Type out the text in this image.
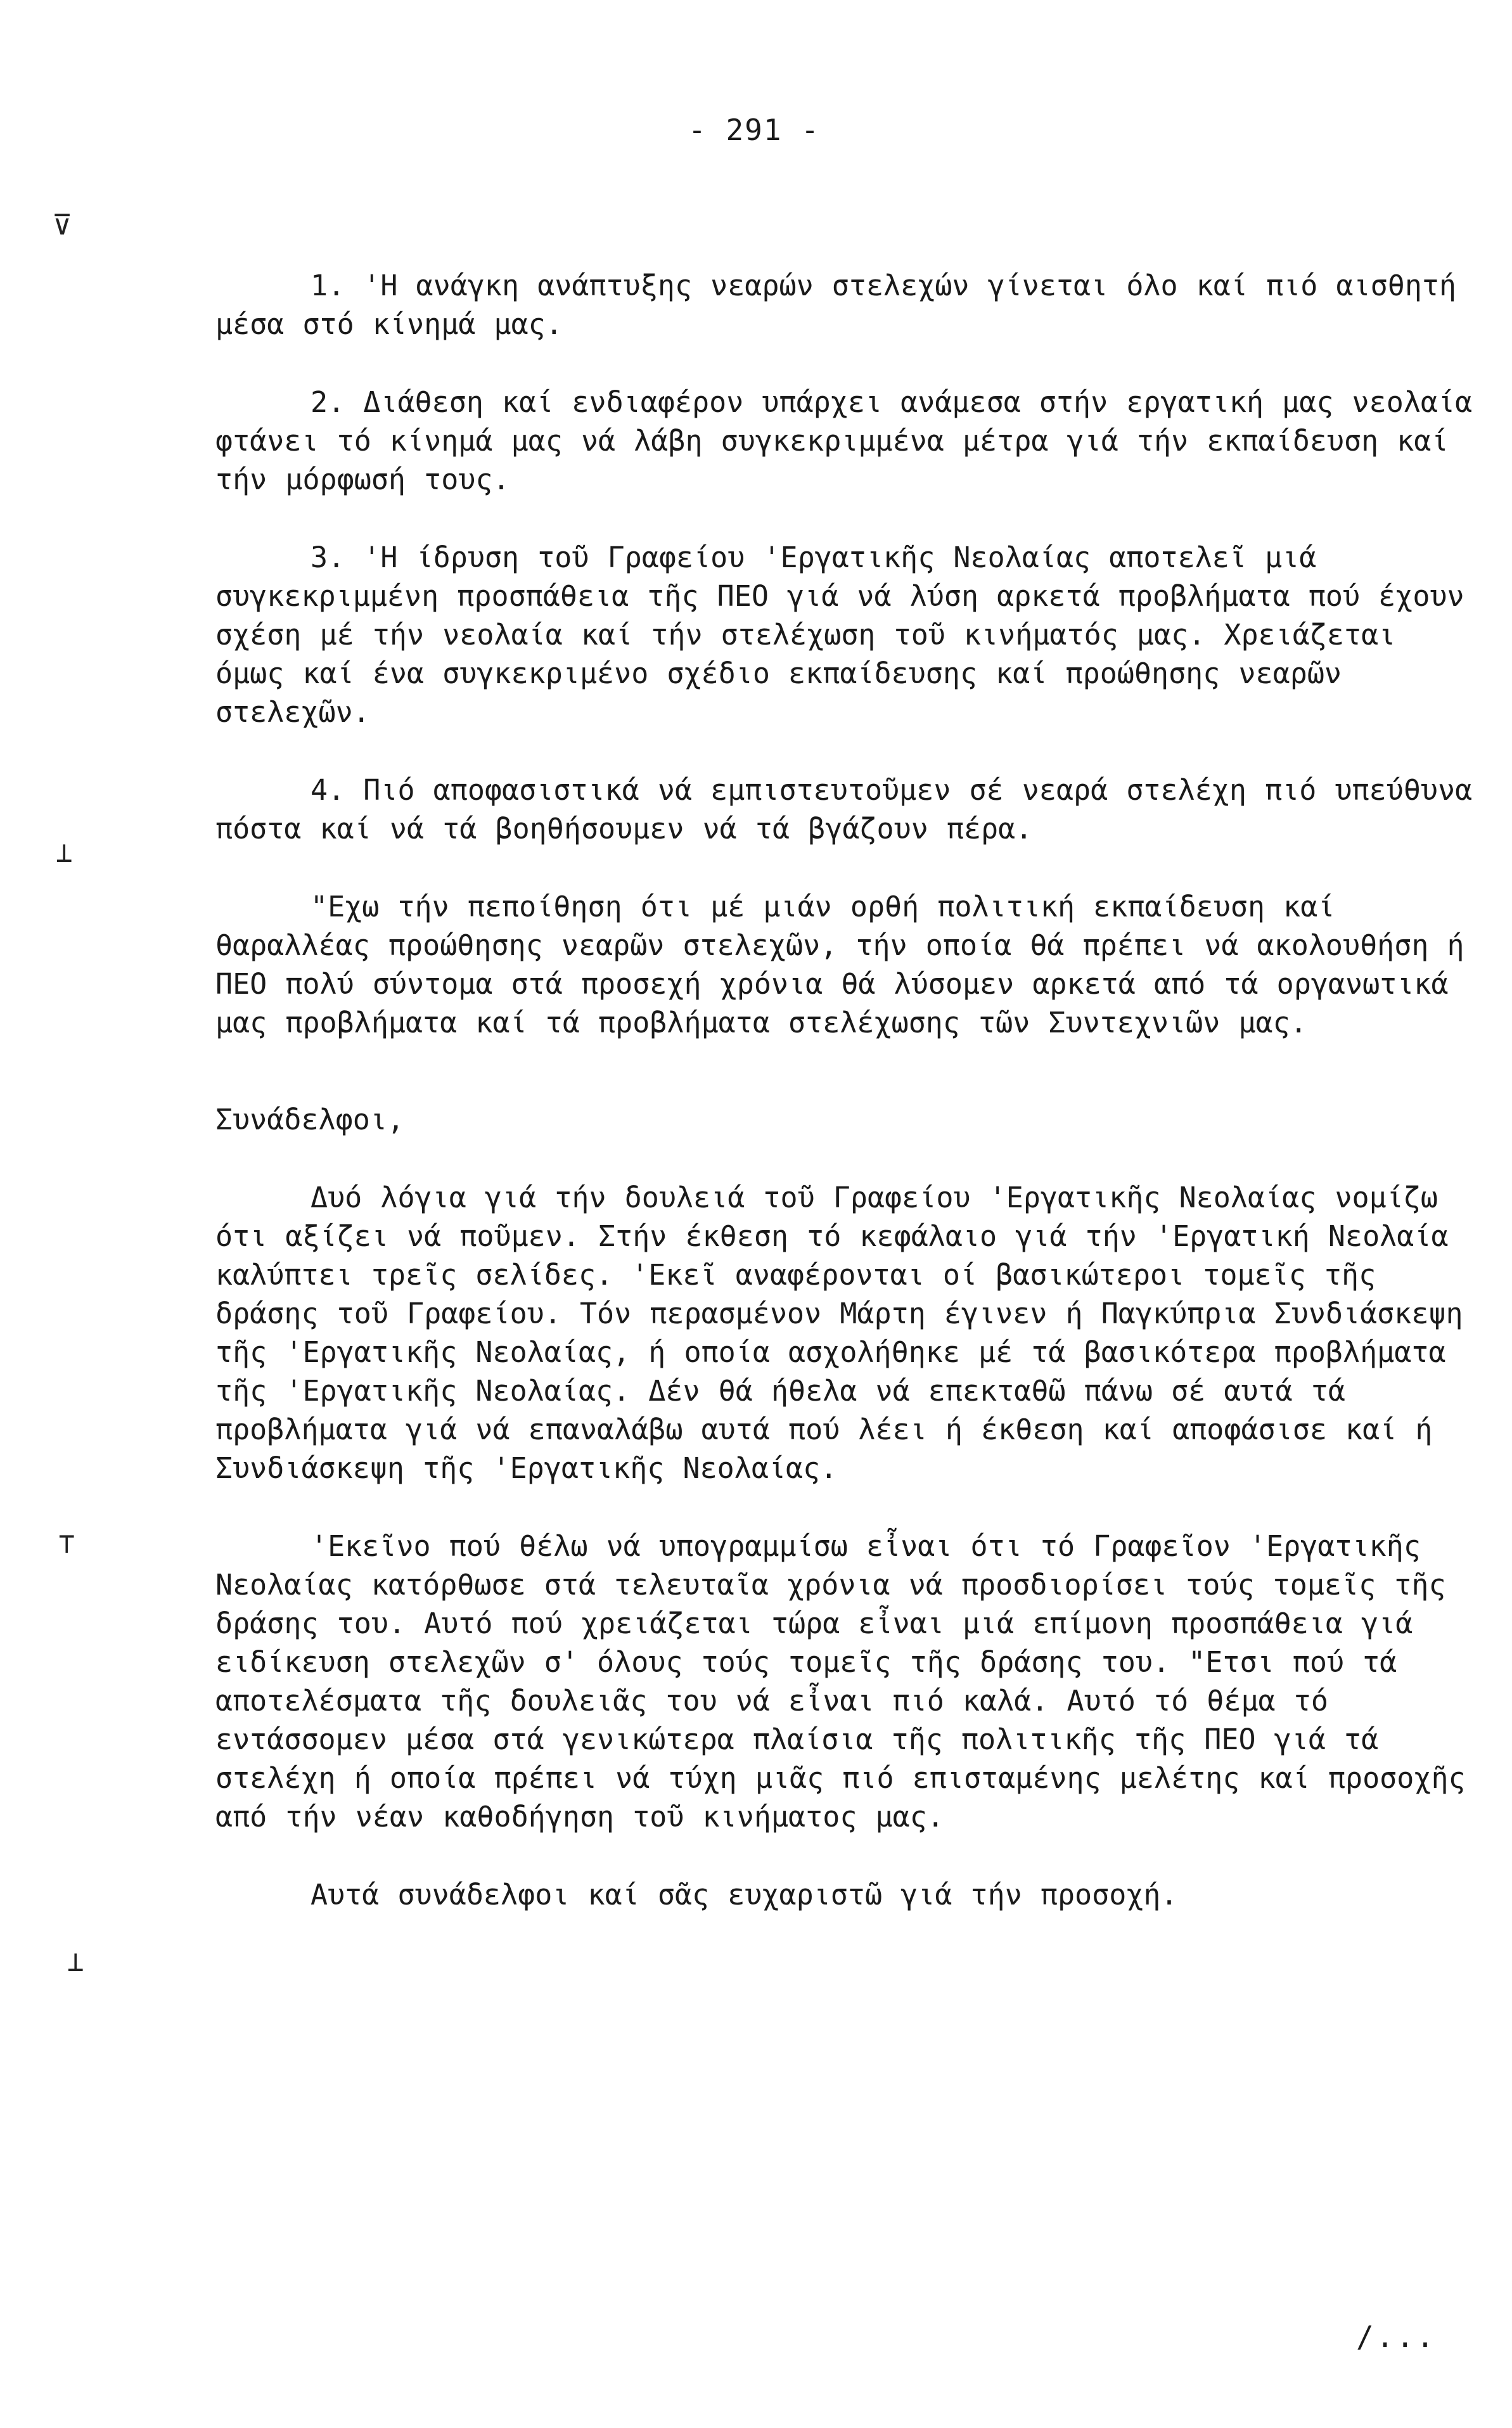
- 291 -
⊽
⊥
⊤
⊥

1. 'Η ανάγκη ανάπτυξης νεαρών στελεχών γίνεται όλο καί πιό αισθητή μέσα στό κίνημά μας.

2. Διάθεση καί ενδιαφέρον υπάρχει ανάμεσα στήν εργατική μας νεολαία φτάνει τό κίνημά μας νά λάβη συγκεκριμμένα μέτρα γιά τήν εκπαίδευση καί τήν μόρφωσή τους.

3. 'Η ίδρυση τοῦ Γραφείου 'Εργατικῆς Νεολαίας αποτελεῖ μιά συγκεκριμμένη προσπάθεια τῆς ΠΕΟ γιά νά λύση αρκετά προβλήματα πού έχουν σχέση μέ τήν νεολαία καί τήν στελέχωση τοῦ κινήματός μας. Χρειάζεται όμως καί ένα συγκεκριμένο σχέδιο εκπαίδευσης καί προώθησης νεαρῶν στελεχῶν.

4. Πιό αποφασιστικά νά εμπιστευτοῦμεν σέ νεαρά στελέχη πιό υπεύθυνα πόστα καί νά τά βοηθήσουμεν νά τά βγάζουν πέρα.

"Εχω τήν πεποίθηση ότι μέ μιάν ορθή πολιτική εκπαίδευση καί θαραλλέας προώθησης νεαρῶν στελεχῶν, τήν οποία θά πρέπει νά ακολουθήση ή ΠΕΟ πολύ σύντομα στά προσεχή χρόνια θά λύσομεν αρκετά από τά οργανωτικά μας προβλήματα καί τά προβλήματα στελέχωσης τῶν Συντεχνιῶν μας.

Συνάδελφοι,

Δυό λόγια γιά τήν δουλειά τοῦ Γραφείου 'Εργατικῆς Νεολαίας νομίζω ότι αξίζει νά ποῦμεν. Στήν έκθεση τό κεφάλαιο γιά τήν 'Εργατική Νεολαία καλύπτει τρεῖς σελίδες. 'Εκεῖ αναφέρονται οί βασικώτεροι τομεῖς τῆς δράσης τοῦ Γραφείου. Τόν περασμένον Μάρτη έγινεν ή Παγκύπρια Συνδιάσκεψη τῆς 'Εργατικῆς Νεολαίας, ή οποία ασχολήθηκε μέ τά βασικότερα προβλήματα τῆς 'Εργατικῆς Νεολαίας. Δέν θά ήθελα νά επεκταθῶ πάνω σέ αυτά τά προβλήματα γιά νά επαναλάβω αυτά πού λέει ή έκθεση καί αποφάσισε καί ή Συνδιάσκεψη τῆς 'Εργατικῆς Νεολαίας.

'Εκεῖνο πού θέλω νά υπογραμμίσω εἶναι ότι τό Γραφεῖον 'Εργατικῆς Νεολαίας κατόρθωσε στά τελευταῖα χρόνια νά προσδιορίσει τούς τομεῖς τῆς δράσης του. Αυτό πού χρειάζεται τώρα εἶναι μιά επίμονη προσπάθεια γιά ειδίκευση στελεχῶν σ' όλους τούς τομεῖς τῆς δράσης του. "Ετσι πού τά αποτελέσματα τῆς δουλειᾶς του νά εἶναι πιό καλά. Αυτό τό θέμα τό εντάσσομεν μέσα στά γενικώτερα πλαίσια τῆς πολιτικῆς τῆς ΠΕΟ γιά τά στελέχη ή οποία πρέπει νά τύχη μιᾶς πιό επισταμένης μελέτης καί προσοχῆς από τήν νέαν καθοδήγηση τοῦ κινήματος μας.

Αυτά συνάδελφοι καί σᾶς ευχαριστῶ γιά τήν προσοχή.

/...
